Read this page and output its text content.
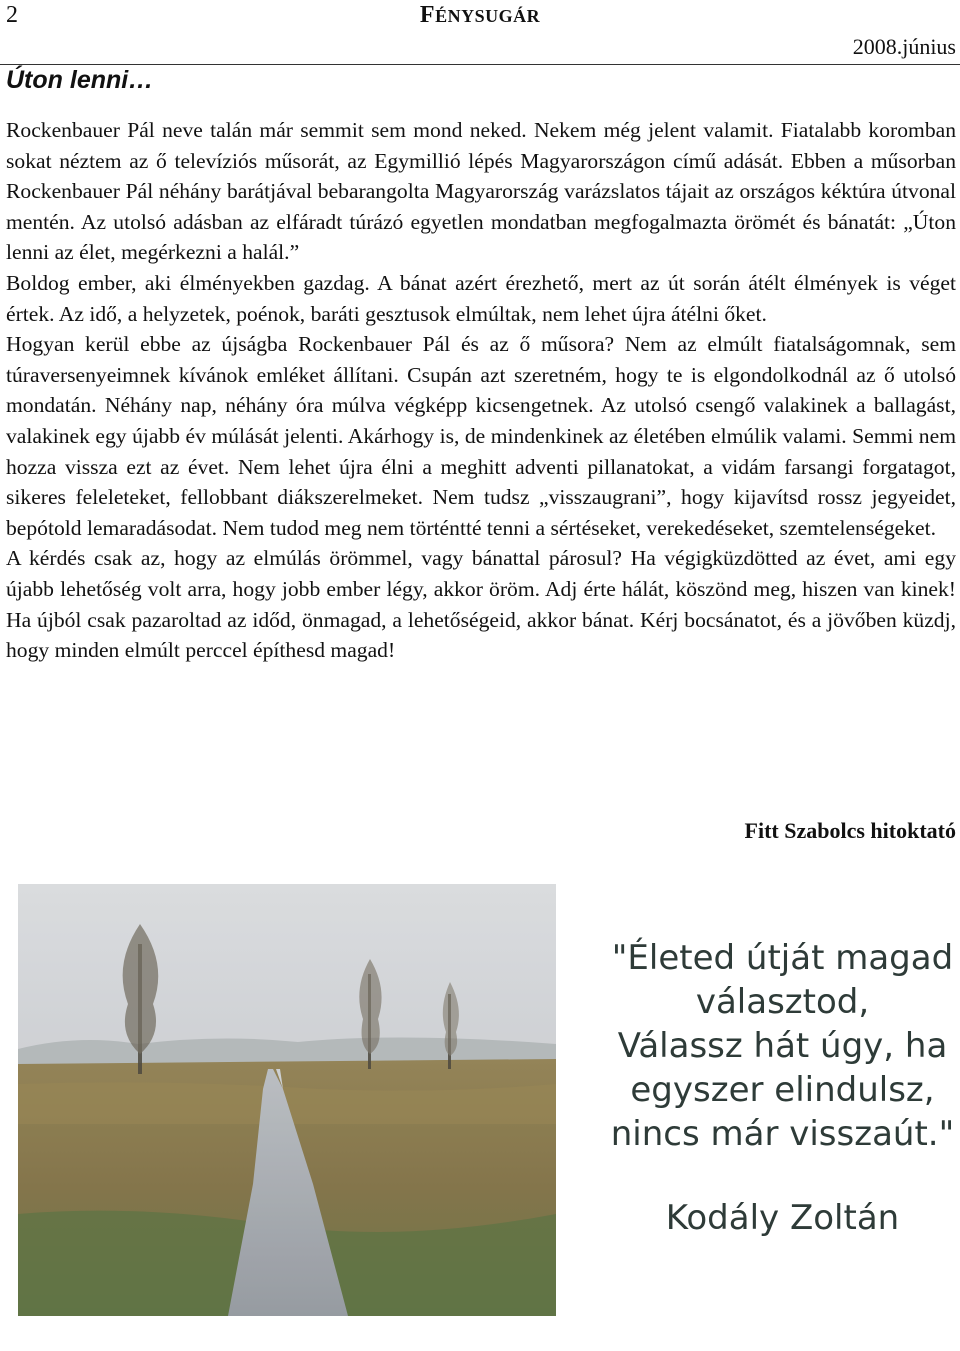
2	FÉNYSUGÁR
2008.június
Úton lenni…

Rockenbauer Pál neve talán már semmit sem mond neked. Nekem még jelent valamit. Fiatalabb koromban sokat néztem az ő televíziós műsorát, az Egymillió lépés Magyarországon című adását. Ebben a műsorban Rockenbauer Pál néhány barátjával bebarangolta Magyarország varázslatos tájait az országos kéktúra útvonal mentén. Az utolsó adásban az elfáradt túrázó egyetlen mondatban megfogalmazta örömét és bánatát: „Úton lenni az élet, megérkezni a halál.”

Boldog ember, aki élményekben gazdag. A bánat azért érezhető, mert az út során átélt élmények is véget értek. Az idő, a helyzetek, poénok, baráti gesztusok elmúltak, nem lehet újra átélni őket.

Hogyan kerül ebbe az újságba Rockenbauer Pál és az ő műsora? Nem az elmúlt fiatalságomnak, sem túraversenyeimnek kívánok emléket állítani. Csupán azt szeretném, hogy te is elgondolkodnál az ő utolsó mondatán. Néhány nap, néhány óra múlva végképp kicsengetnek. Az utolsó csengő valakinek a ballagást, valakinek egy újabb év múlását jelenti. Akárhogy is, de mindenkinek az életében elmúlik valami. Semmi nem hozza vissza ezt az évet. Nem lehet újra élni a meghitt adventi pillanatokat, a vidám farsangi forgatagot, sikeres feleleteket, fellobbant diákszerelmeket. Nem tudsz „visszaugrani”, hogy kijavítsd rossz jegyeidet, bepótold lemaradásodat. Nem tudod meg nem történtté tenni a sértéseket, verekedéseket, szemtelenségeket.

A kérdés csak az, hogy az elmúlás örömmel, vagy bánattal párosul? Ha végigküzdötted az évet, ami egy újabb lehetőség volt arra, hogy jobb ember légy, akkor öröm. Adj érte hálát, köszönd meg, hiszen van kinek! Ha újból csak pazaroltad az időd, önmagad, a lehetőségeid, akkor bánat. Kérj bocsánatot, és a jövőben küzdj, hogy minden elmúlt perccel építhesd magad!

Fitt Szabolcs hitoktató
"Életed útját magad
választod,
Válassz hát úgy, ha
egyszer elindulsz,
nincs már visszaút."
Kodály Zoltán
